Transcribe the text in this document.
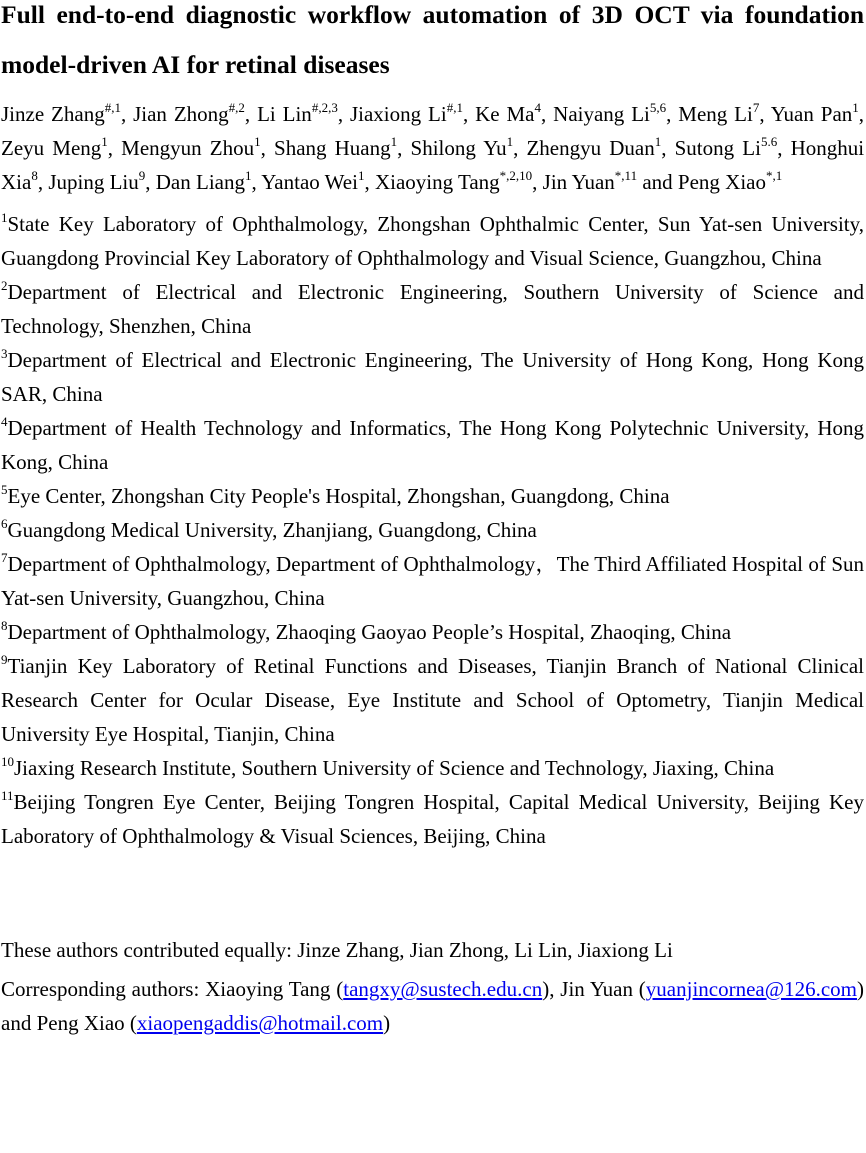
Full end-to-end diagnostic workflow automation of 3D OCT via foundation model-driven AI for retinal diseases

Jinze Zhang$^{\#,1}$, Jian Zhong$^{\#,2}$, Li Lin$^{\#,2,3}$, Jiaxiong $Li^{\#,1}$, Ke Ma$^4$, Naiyang Li$^{5,6}$, Meng Li$^7$, Yuan Pan$^1$, Zeyu Meng$^1$, Mengyun Zhou$^1$, Shang Huang$^1$, Shilong Yu$^1$, Zhengyu Duan$^1$, Sutong $Li^{5.6}$, Honghui Xia$^8$, Juping Liu$^9$, Dan Liang$^1$, Yantao Wei$^1$, Xiaoying Tang$^{*,2,10}$, Jin Yuan$^{*,11}$ and Peng Xiao$^{*,1}$

$^1$State Key Laboratory of Ophthalmology, Zhongshan Ophthalmic Center, Sun Yat-sen University, Guangdong Provincial Key Laboratory of Ophthalmology and Visual Science, Guangzhou, China

$^2$Department of Electrical and Electronic Engineering, Southern University of Science and Technology, Shenzhen, China

$^3$Department of Electrical and Electronic Engineering, The University of Hong Kong, Hong Kong SAR, China

$^4$Department of Health Technology and Informatics, The Hong Kong Polytechnic University, Hong Kong, China

$^5$Eye Center, Zhongshan City People's Hospital, Zhongshan, Guangdong, China

$^6$Guangdong Medical University, Zhanjiang, Guangdong, China

$^7$Department of Ophthalmology, Department of Ophthalmology，The Third Affiliated Hospital of Sun Yat-sen University, Guangzhou, China

$^8$Department of Ophthalmology, Zhaoqing Gaoyao People’s Hospital, Zhaoqing, China

$^9$Tianjin Key Laboratory of Retinal Functions and Diseases, Tianjin Branch of National Clinical Research Center for Ocular Disease, Eye Institute and School of Optometry, Tianjin Medical University Eye Hospital, Tianjin, China

$^{10}$Jiaxing Research Institute, Southern University of Science and Technology, Jiaxing, China

$^{11}$Beijing Tongren Eye Center, Beijing Tongren Hospital, Capital Medical University, Beijing Key Laboratory of Ophthalmology & Visual Sciences, Beijing, China

These authors contributed equally: Jinze Zhang, Jian Zhong, Li Lin, Jiaxiong Li

Corresponding authors: Xiaoying Tang (tangxy@sustech.edu.cn), Jin Yuan (yuanjincornea@126.com) and Peng Xiao (xiaopengaddis@hotmail.com)
